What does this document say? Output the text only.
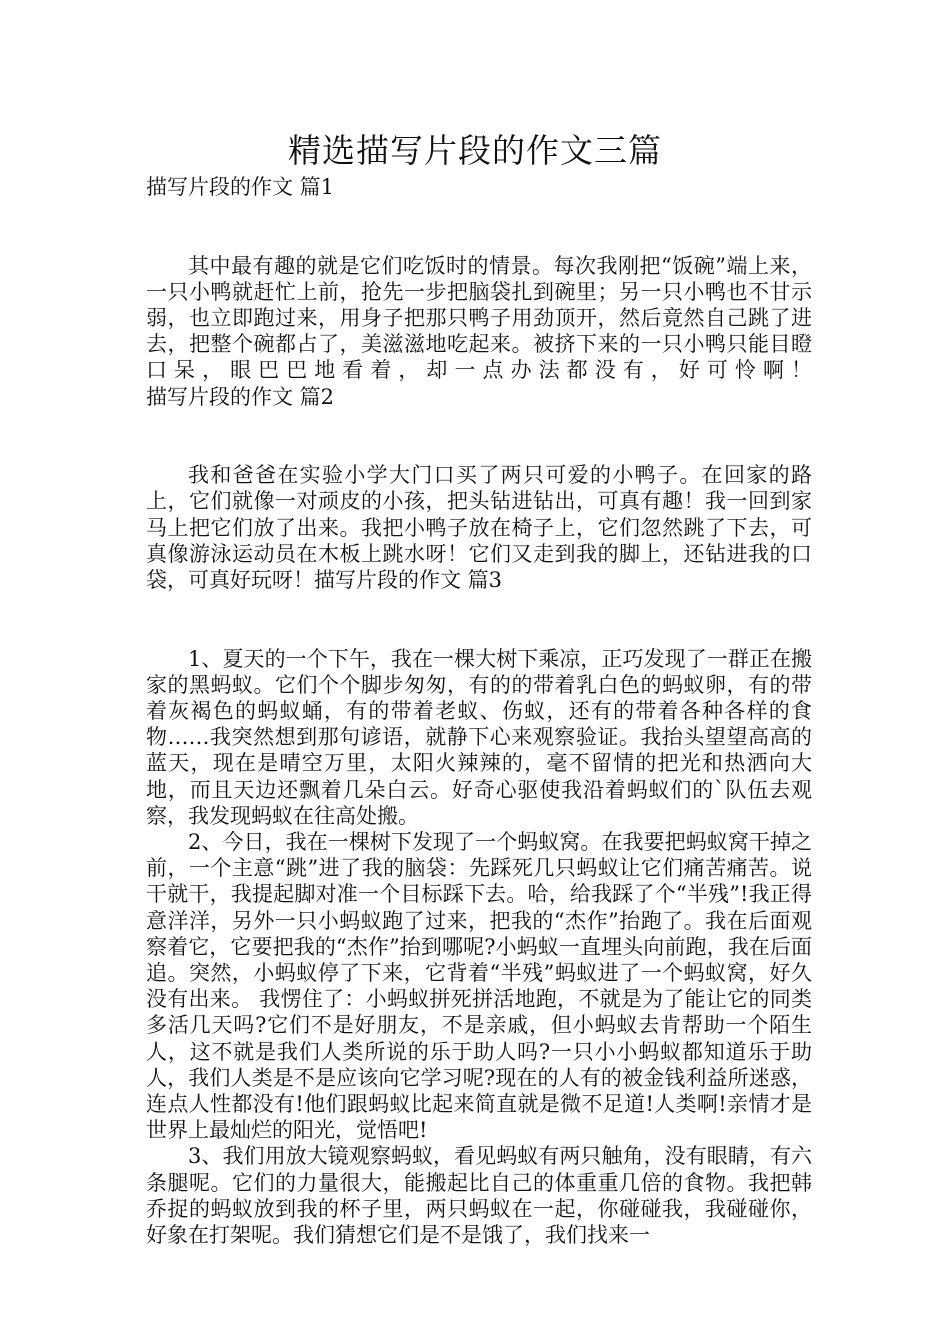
精选描写片段的作文三篇

描写片段的作文 篇1

其中最有趣的就是它们吃饭时的情景。每次我刚把“饭碗”端上来，一只小鸭就赶忙上前，抢先一步把脑袋扎到碗里；另一只小鸭也不甘示弱，也立即跑过来，用身子把那只鸭子用劲顶开，然后竟然自己跳了进去，把整个碗都占了，美滋滋地吃起来。被挤下来的一只小鸭只能目瞪口呆，眼巴巴地看着，却一点办法都没有，好可怜啊！描写片段的作文 篇2

我和爸爸在实验小学大门口买了两只可爱的小鸭子。在回家的路上，它们就像一对顽皮的小孩，把头钻进钻出，可真有趣！我一回到家马上把它们放了出来。我把小鸭子放在椅子上，它们忽然跳了下去，可真像游泳运动员在木板上跳水呀！它们又走到我的脚上，还钻进我的口袋，可真好玩呀！描写片段的作文 篇3

1、夏天的一个下午，我在一棵大树下乘凉，正巧发现了一群正在搬家的黑蚂蚁。它们个个脚步匆匆，有的的带着乳白色的蚂蚁卵，有的带着灰褐色的蚂蚁蛹，有的带着老蚁、伤蚁，还有的带着各种各样的食物……我突然想到那句谚语，就静下心来观察验证。我抬头望望高高的蓝天，现在是晴空万里，太阳火辣辣的，毫不留情的把光和热洒向大地，而且天边还飘着几朵白云。好奇心驱使我沿着蚂蚁们的`队伍去观察，我发现蚂蚁在往高处搬。

2、今日，我在一棵树下发现了一个蚂蚁窝。在我要把蚂蚁窝干掉之前，一个主意“跳”进了我的脑袋：先踩死几只蚂蚁让它们痛苦痛苦。说干就干，我提起脚对准一个目标踩下去。哈，给我踩了个“半残”!我正得意洋洋，另外一只小蚂蚁跑了过来，把我的“杰作”抬跑了。我在后面观察着它，它要把我的“杰作”抬到哪呢?小蚂蚁一直埋头向前跑，我在后面追。突然，小蚂蚁停了下来，它背着“半残”蚂蚁进了一个蚂蚁窝，好久没有出来。 我愣住了：小蚂蚁拼死拼活地跑，不就是为了能让它的同类多活几天吗?它们不是好朋友，不是亲戚，但小蚂蚁去肯帮助一个陌生人，这不就是我们人类所说的乐于助人吗?一只小小蚂蚁都知道乐于助人，我们人类是不是应该向它学习呢?现在的人有的被金钱利益所迷惑，连点人性都没有!他们跟蚂蚁比起来简直就是微不足道!人类啊!亲情才是世界上最灿烂的阳光，觉悟吧!

3、我们用放大镜观察蚂蚁，看见蚂蚁有两只触角，没有眼睛，有六条腿呢。它们的力量很大，能搬起比自己的体重重几倍的食物。我把韩乔捉的蚂蚁放到我的杯子里，两只蚂蚁在一起，你碰碰我，我碰碰你，好象在打架呢。我们猜想它们是不是饿了，我们找来一
